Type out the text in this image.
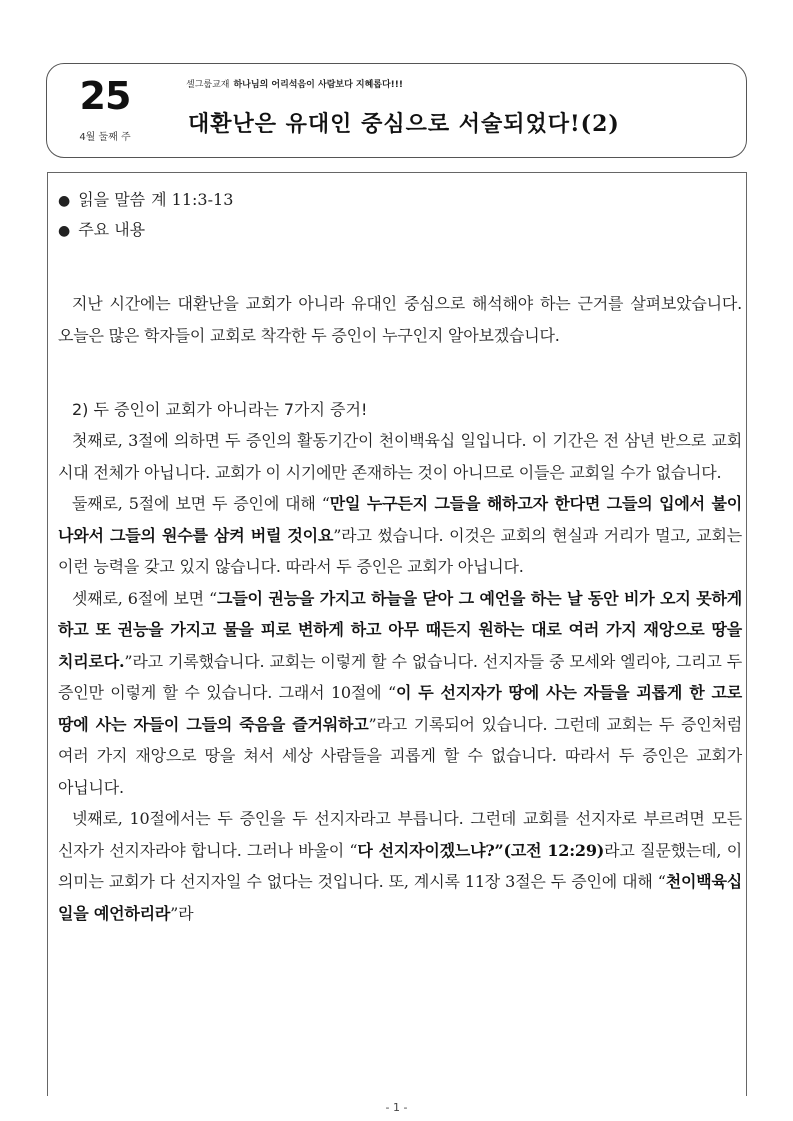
25
4월 둘째 주
셀그룹교재 하나님의 어리석음이 사람보다 지혜롭다!!!
대환난은 유대인 중심으로 서술되었다!(2)
● 읽을 말씀 계 11:3-13
● 주요 내용

지난 시간에는 대환난을 교회가 아니라 유대인 중심으로 해석해야 하는 근거를 살펴보았습니다. 오늘은 많은 학자들이 교회로 착각한 두 증인이 누구인지 알아보겠습니다.

2) 두 증인이 교회가 아니라는 7가지 증거!

첫째로, 3절에 의하면 두 증인의 활동기간이 천이백육십 일입니다. 이 기간은 전 삼년 반으로 교회 시대 전체가 아닙니다. 교회가 이 시기에만 존재하는 것이 아니므로 이들은 교회일 수가 없습니다.

둘째로, 5절에 보면 두 증인에 대해 “만일 누구든지 그들을 해하고자 한다면 그들의 입에서 불이 나와서 그들의 원수를 삼켜 버릴 것이요”라고 썼습니다. 이것은 교회의 현실과 거리가 멀고, 교회는 이런 능력을 갖고 있지 않습니다. 따라서 두 증인은 교회가 아닙니다.

셋째로, 6절에 보면 “그들이 권능을 가지고 하늘을 닫아 그 예언을 하는 날 동안 비가 오지 못하게 하고 또 권능을 가지고 물을 피로 변하게 하고 아무 때든지 원하는 대로 여러 가지 재앙으로 땅을 치리로다.”라고 기록했습니다. 교회는 이렇게 할 수 없습니다. 선지자들 중 모세와 엘리야, 그리고 두 증인만 이렇게 할 수 있습니다. 그래서 10절에 “이 두 선지자가 땅에 사는 자들을 괴롭게 한 고로 땅에 사는 자들이 그들의 죽음을 즐거워하고”라고 기록되어 있습니다. 그런데 교회는 두 증인처럼 여러 가지 재앙으로 땅을 쳐서 세상 사람들을 괴롭게 할 수 없습니다. 따라서 두 증인은 교회가 아닙니다.

넷째로, 10절에서는 두 증인을 두 선지자라고 부릅니다. 그런데 교회를 선지자로 부르려면 모든 신자가 선지자라야 합니다. 그러나 바울이 “다 선지자이겠느냐?”(고전 12:29)라고 질문했는데, 이 의미는 교회가 다 선지자일 수 없다는 것입니다. 또, 계시록 11장 3절은 두 증인에 대해 “천이백육십 일을 예언하리라”라

- 1 -
